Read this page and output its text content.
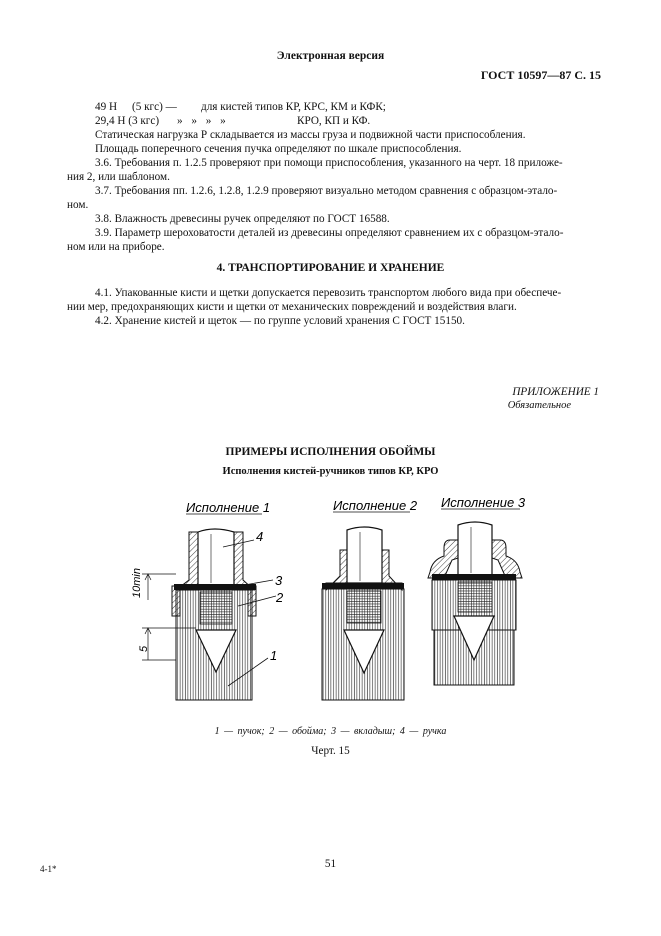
Электронная версия
ГОСТ 10597—87 С. 15
49 Н (5 кгс) — для кистей типов КР, КРС, КМ и КФК;
29,4 Н (3 кгс) » » » »	КРО, КП и КФ.
Статическая нагрузка Р складывается из массы груза и подвижной части приспособления.
Площадь поперечного сечения пучка определяют по шкале приспособления.
3.6. Требования п. 1.2.5 проверяют при помощи приспособления, указанного на черт. 18 приложе-
ния 2, или шаблоном.
3.7. Требования пп. 1.2.6, 1.2.8, 1.2.9 проверяют визуально методом сравнения с образцом-этало-
ном.
3.8. Влажность древесины ручек определяют по ГОСТ 16588.
3.9. Параметр шероховатости деталей из древесины определяют сравнением их с образцом-этало-
ном или на приборе.
4. ТРАНСПОРТИРОВАНИЕ И ХРАНЕНИЕ
4.1. Упакованные кисти и щетки допускается перевозить транспортом любого вида при обеспече-
нии мер, предохраняющих кисти и щетки от механических повреждений и воздействия влаги.
4.2. Хранение кистей и щеток — по группе условий хранения С ГОСТ 15150.
ПРИЛОЖЕНИЕ 1
Обязательное
ПРИМЕРЫ ИСПОЛНЕНИЯ ОБОЙМЫ
Исполнения кистей-ручников типов КР, КРО
Исполнение 1	Исполнение 2 Исполнение 3
4
3
2
1
10min
5
1 — пучок; 2 — обойма; 3 — вкладыш; 4 — ручка
Черт. 15
4-1*	51
